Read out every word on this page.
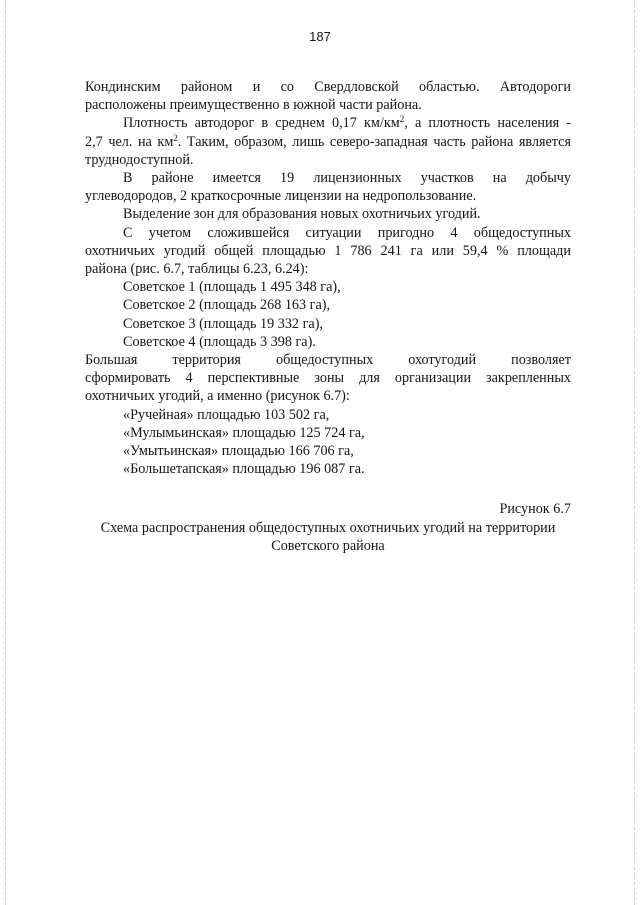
187

Кондинским районом и со Свердловской областью. Автодороги

расположены преимущественно в южной части района.

Плотность автодорог в среднем 0,17 $км/км^2$, а плотность населения -

2,7 чел. на $км^2$. Таким, образом, лишь северо-западная часть района является

труднодоступной.

В районе имеется 19 лицензионных участков на добычу

углеводородов, 2 краткосрочные лицензии на недропользование.

Выделение зон для образования новых охотничьих угодий.

С учетом сложившейся ситуации пригодно 4 общедоступных

охотничьих угодий общей площадью 1 786 241 га или 59,4 % площади

района (рис. 6.7, таблицы 6.23, 6.24):

Советское 1 (площадь 1 495 348 га),

Советское 2 (площадь 268 163 га),

Советское 3 (площадь 19 332 га),

Советское 4 (площадь 3 398 га).

Большая территория общедоступных охотугодий позволяет

сформировать 4 перспективные зоны для организации закрепленных

охотничьих угодий, а именно (рисунок 6.7):

«Ручейная» площадью 103 502 га,

«Мулымьинская» площадью 125 724 га,

«Умытьинская» площадью 166 706 га,

«Большетапская» площадью 196 087 га.

Рисунок 6.7

Схема распространения общедоступных охотничьих угодий на территории Советского района
